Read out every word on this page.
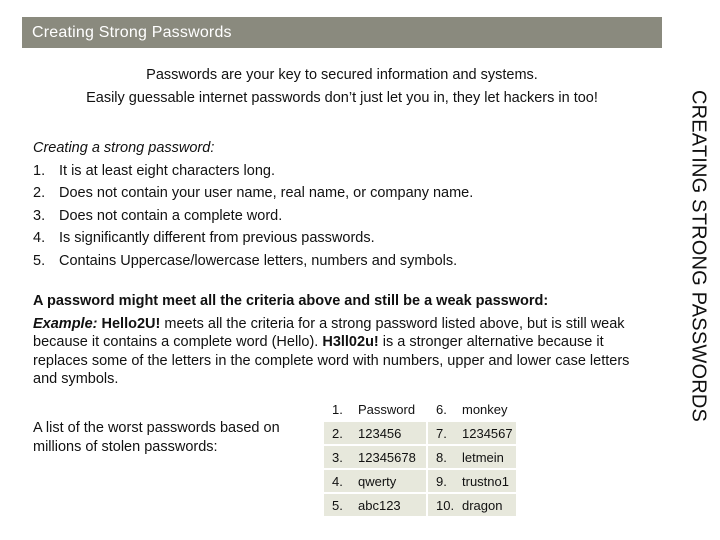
Creating Strong Passwords
CREATING STRONG PASSWORDS
Passwords are your key to secured information and systems.
Easily guessable internet passwords don’t just let you in, they let hackers in too!
Creating a strong password:
1. It is at least eight characters long.
2. Does not contain your user name, real name, or company name.
3. Does not contain a complete word.
4. Is significantly different from previous passwords.
5. Contains Uppercase/lowercase letters, numbers and symbols.
A password might meet all the criteria above and still be a weak password:
Example: Hello2U! meets all the criteria for a strong password listed above, but is still weak because it contains a complete word (Hello). H3ll02u! is a stronger alternative because it replaces some of the letters in the complete word with numbers, upper and lower case letters and symbols.
A list of the worst passwords based on millions of stolen passwords:
1.	Password	6.	monkey
2.	123456	7.	1234567
3.	12345678	8.	letmein
4.	qwerty	9.	trustno1
5.	abc123	10. dragon
